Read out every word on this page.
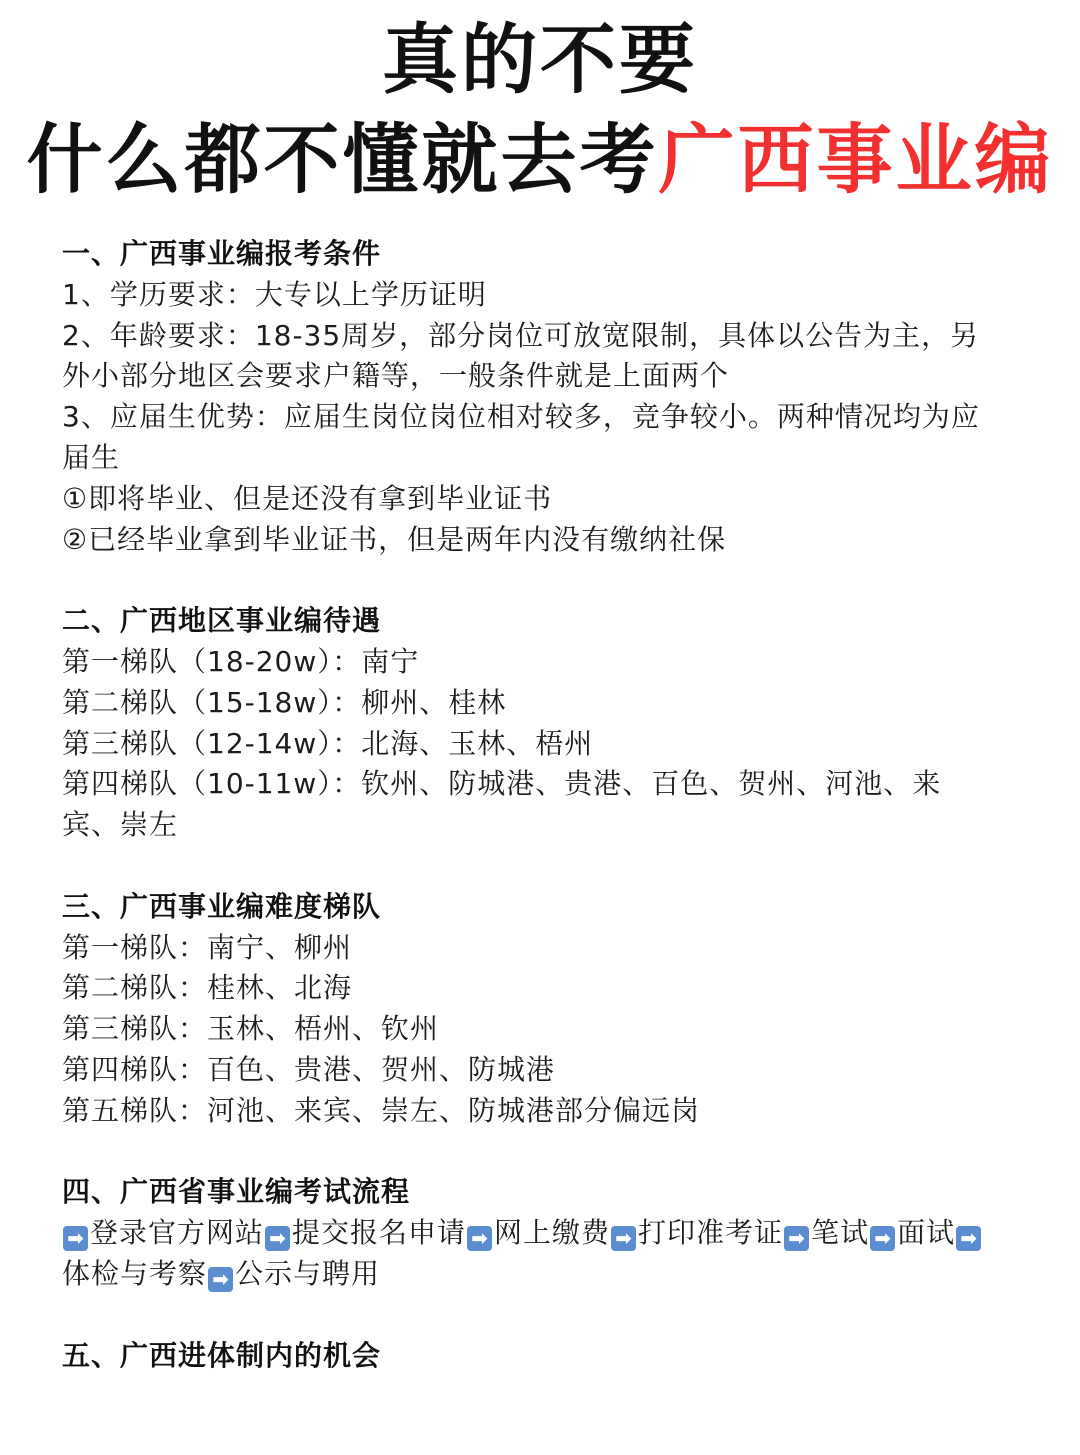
真的不要
什么都不懂就去考广西事业编
一、广西事业编报考条件
1、学历要求：大专以上学历证明
2、年龄要求：18-35周岁，部分岗位可放宽限制，具体以公告为主，另
外小部分地区会要求户籍等，一般条件就是上面两个
3、应届生优势：应届生岗位岗位相对较多，竞争较小。两种情况均为应
届生
①即将毕业、但是还没有拿到毕业证书
②已经毕业拿到毕业证书，但是两年内没有缴纳社保
二、广西地区事业编待遇
第一梯队（18-20w）：南宁
第二梯队（15-18w）：柳州、桂林
第三梯队（12-14w）：北海、玉林、梧州
第四梯队（10-11w）：钦州、防城港、贵港、百色、贺州、河池、来
宾、崇左
三、广西事业编难度梯队
第一梯队：南宁、柳州
第二梯队：桂林、北海
第三梯队：玉林、梧州、钦州
第四梯队：百色、贵港、贺州、防城港
第五梯队：河池、来宾、崇左、防城港部分偏远岗
四、广西省事业编考试流程
➡ 登录官方网站 ➡ 提交报名申请 ➡ 网上缴费 ➡ 打印准考证 ➡ 笔试 ➡ 面试 ➡
体检与考察 ➡ 公示与聘用
五、广西进体制内的机会
